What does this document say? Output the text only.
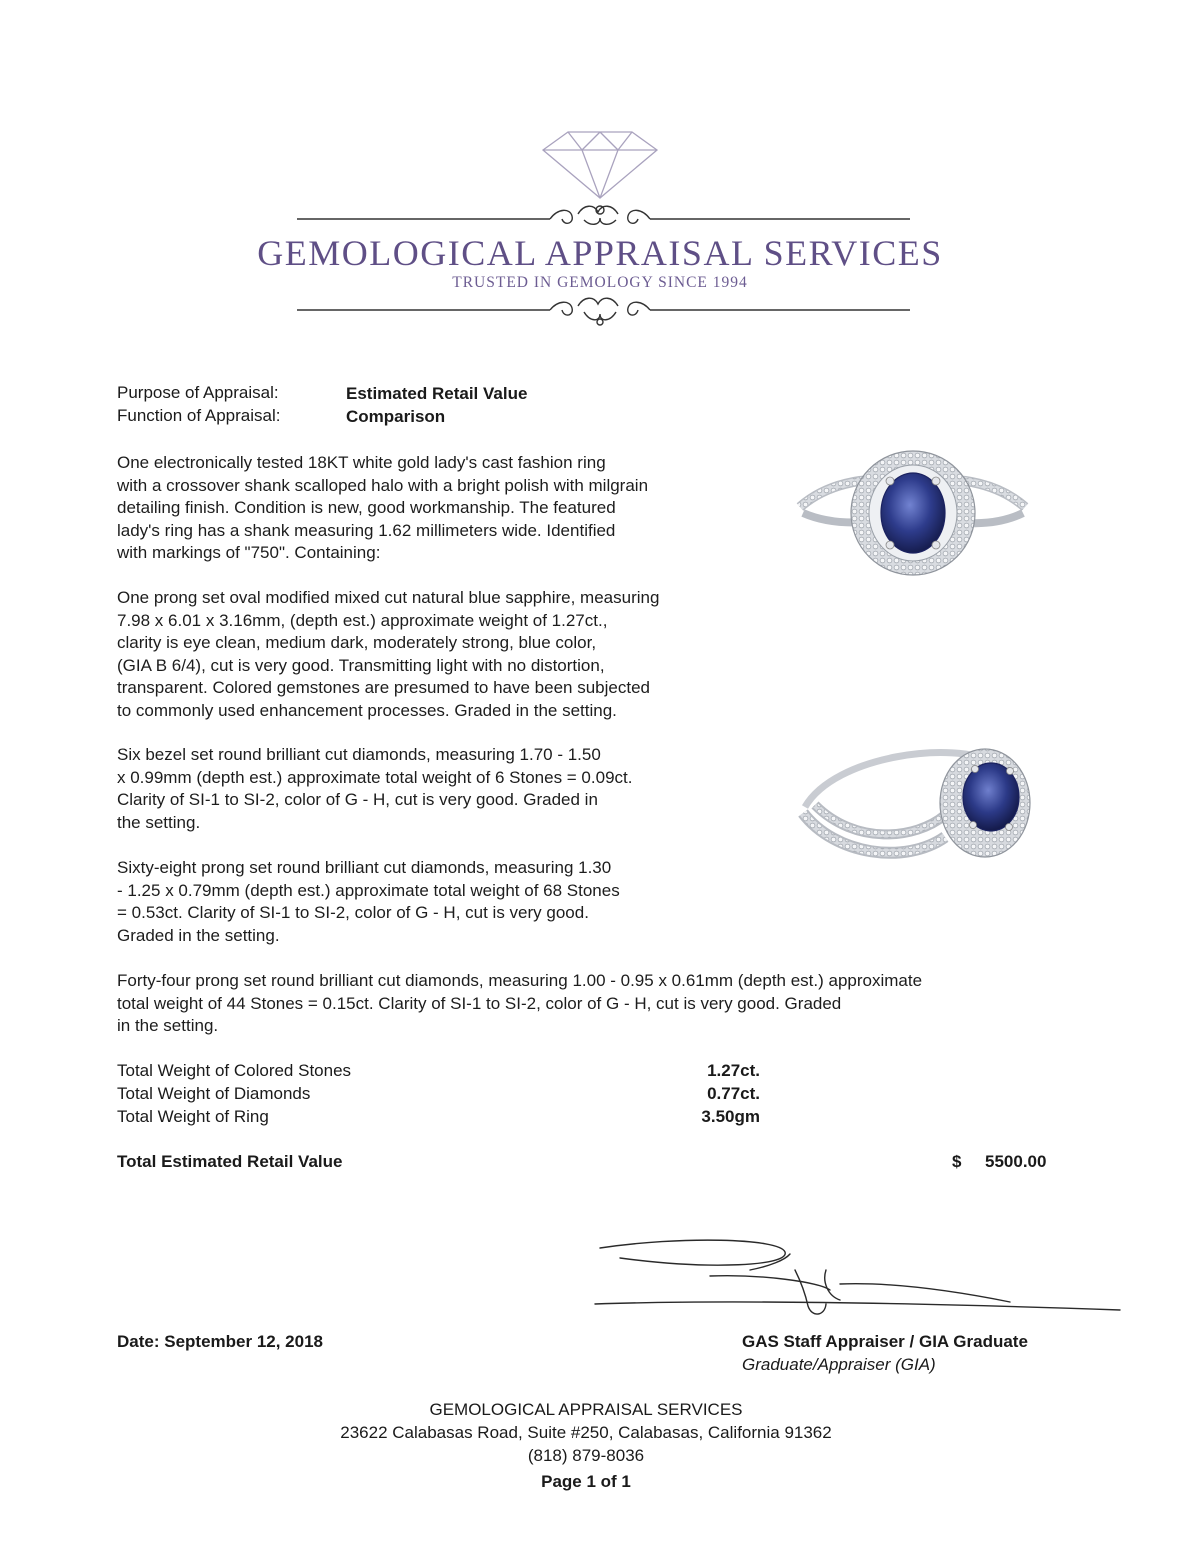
GEMOLOGICAL APPRAISAL SERVICES
TRUSTED IN GEMOLOGY SINCE 1994
Purpose of Appraisal:	Estimated Retail Value
Function of Appraisal:	Comparison
One electronically tested 18KT white gold lady's cast fashion ring
with a crossover shank scalloped halo with a bright polish with milgrain
detailing finish. Condition is new, good workmanship. The featured
lady's ring has a shank measuring 1.62 millimeters wide. Identified
with markings of "750". Containing:
One prong set oval modified mixed cut natural blue sapphire, measuring
7.98 x 6.01 x 3.16mm, (depth est.) approximate weight of 1.27ct.,
clarity is eye clean, medium dark, moderately strong, blue color,
(GIA B 6/4), cut is very good. Transmitting light with no distortion,
transparent. Colored gemstones are presumed to have been subjected
to commonly used enhancement processes. Graded in the setting.
Six bezel set round brilliant cut diamonds, measuring 1.70 - 1.50
x 0.99mm (depth est.) approximate total weight of 6 Stones = 0.09ct.
Clarity of SI-1 to SI-2, color of G - H, cut is very good. Graded in
the setting.
Sixty-eight prong set round brilliant cut diamonds, measuring 1.30
- 1.25 x 0.79mm (depth est.) approximate total weight of 68 Stones
= 0.53ct. Clarity of SI-1 to SI-2, color of G - H, cut is very good.
Graded in the setting.
Forty-four prong set round brilliant cut diamonds, measuring 1.00 - 0.95 x 0.61mm (depth est.) approximate
total weight of 44 Stones = 0.15ct. Clarity of SI-1 to SI-2, color of G - H, cut is very good. Graded
in the setting.
Total Weight of Colored Stones	1.27ct.
Total Weight of Diamonds	0.77ct.
Total Weight of Ring	3.50gm
Total Estimated Retail Value	$ 5500.00
Date: September 12, 2018	GAS Staff Appraiser / GIA Graduate
Graduate/Appraiser (GIA)
GEMOLOGICAL APPRAISAL SERVICES
23622 Calabasas Road, Suite #250, Calabasas, California 91362
(818) 879-8036
Page 1 of 1
